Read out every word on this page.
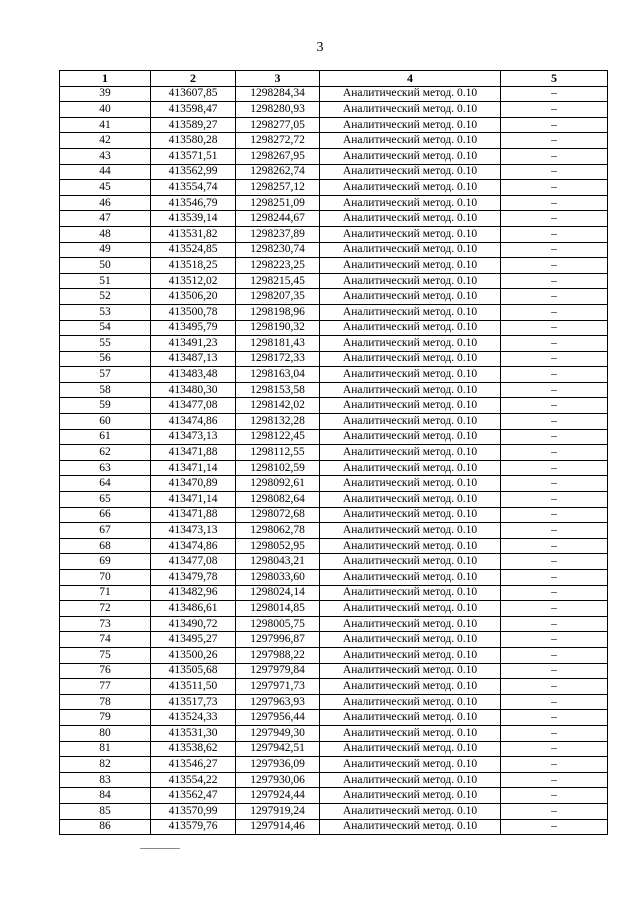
3
1	2	3	4	5
39	413607,85	1298284,34	Аналитический метод. 0.10	–
40	413598,47	1298280,93	Аналитический метод. 0.10	–
41	413589,27	1298277,05	Аналитический метод. 0.10	–
42	413580,28	1298272,72	Аналитический метод. 0.10	–
43	413571,51	1298267,95	Аналитический метод. 0.10	–
44	413562,99	1298262,74	Аналитический метод. 0.10	–
45	413554,74	1298257,12	Аналитический метод. 0.10	–
46	413546,79	1298251,09	Аналитический метод. 0.10	–
47	413539,14	1298244,67	Аналитический метод. 0.10	–
48	413531,82	1298237,89	Аналитический метод. 0.10	–
49	413524,85	1298230,74	Аналитический метод. 0.10	–
50	413518,25	1298223,25	Аналитический метод. 0.10	–
51	413512,02	1298215,45	Аналитический метод. 0.10	–
52	413506,20	1298207,35	Аналитический метод. 0.10	–
53	413500,78	1298198,96	Аналитический метод. 0.10	–
54	413495,79	1298190,32	Аналитический метод. 0.10	–
55	413491,23	1298181,43	Аналитический метод. 0.10	–
56	413487,13	1298172,33	Аналитический метод. 0.10	–
57	413483,48	1298163,04	Аналитический метод. 0.10	–
58	413480,30	1298153,58	Аналитический метод. 0.10	–
59	413477,08	1298142,02	Аналитический метод. 0.10	–
60	413474,86	1298132,28	Аналитический метод. 0.10	–
61	413473,13	1298122,45	Аналитический метод. 0.10	–
62	413471,88	1298112,55	Аналитический метод. 0.10	–
63	413471,14	1298102,59	Аналитический метод. 0.10	–
64	413470,89	1298092,61	Аналитический метод. 0.10	–
65	413471,14	1298082,64	Аналитический метод. 0.10	–
66	413471,88	1298072,68	Аналитический метод. 0.10	–
67	413473,13	1298062,78	Аналитический метод. 0.10	–
68	413474,86	1298052,95	Аналитический метод. 0.10	–
69	413477,08	1298043,21	Аналитический метод. 0.10	–
70	413479,78	1298033,60	Аналитический метод. 0.10	–
71	413482,96	1298024,14	Аналитический метод. 0.10	–
72	413486,61	1298014,85	Аналитический метод. 0.10	–
73	413490,72	1298005,75	Аналитический метод. 0.10	–
74	413495,27	1297996,87	Аналитический метод. 0.10	–
75	413500,26	1297988,22	Аналитический метод. 0.10	–
76	413505,68	1297979,84	Аналитический метод. 0.10	–
77	413511,50	1297971,73	Аналитический метод. 0.10	–
78	413517,73	1297963,93	Аналитический метод. 0.10	–
79	413524,33	1297956,44	Аналитический метод. 0.10	–
80	413531,30	1297949,30	Аналитический метод. 0.10	–
81	413538,62	1297942,51	Аналитический метод. 0.10	–
82	413546,27	1297936,09	Аналитический метод. 0.10	–
83	413554,22	1297930,06	Аналитический метод. 0.10	–
84	413562,47	1297924,44	Аналитический метод. 0.10	–
85	413570,99	1297919,24	Аналитический метод. 0.10	–
86	413579,76	1297914,46	Аналитический метод. 0.10	–
